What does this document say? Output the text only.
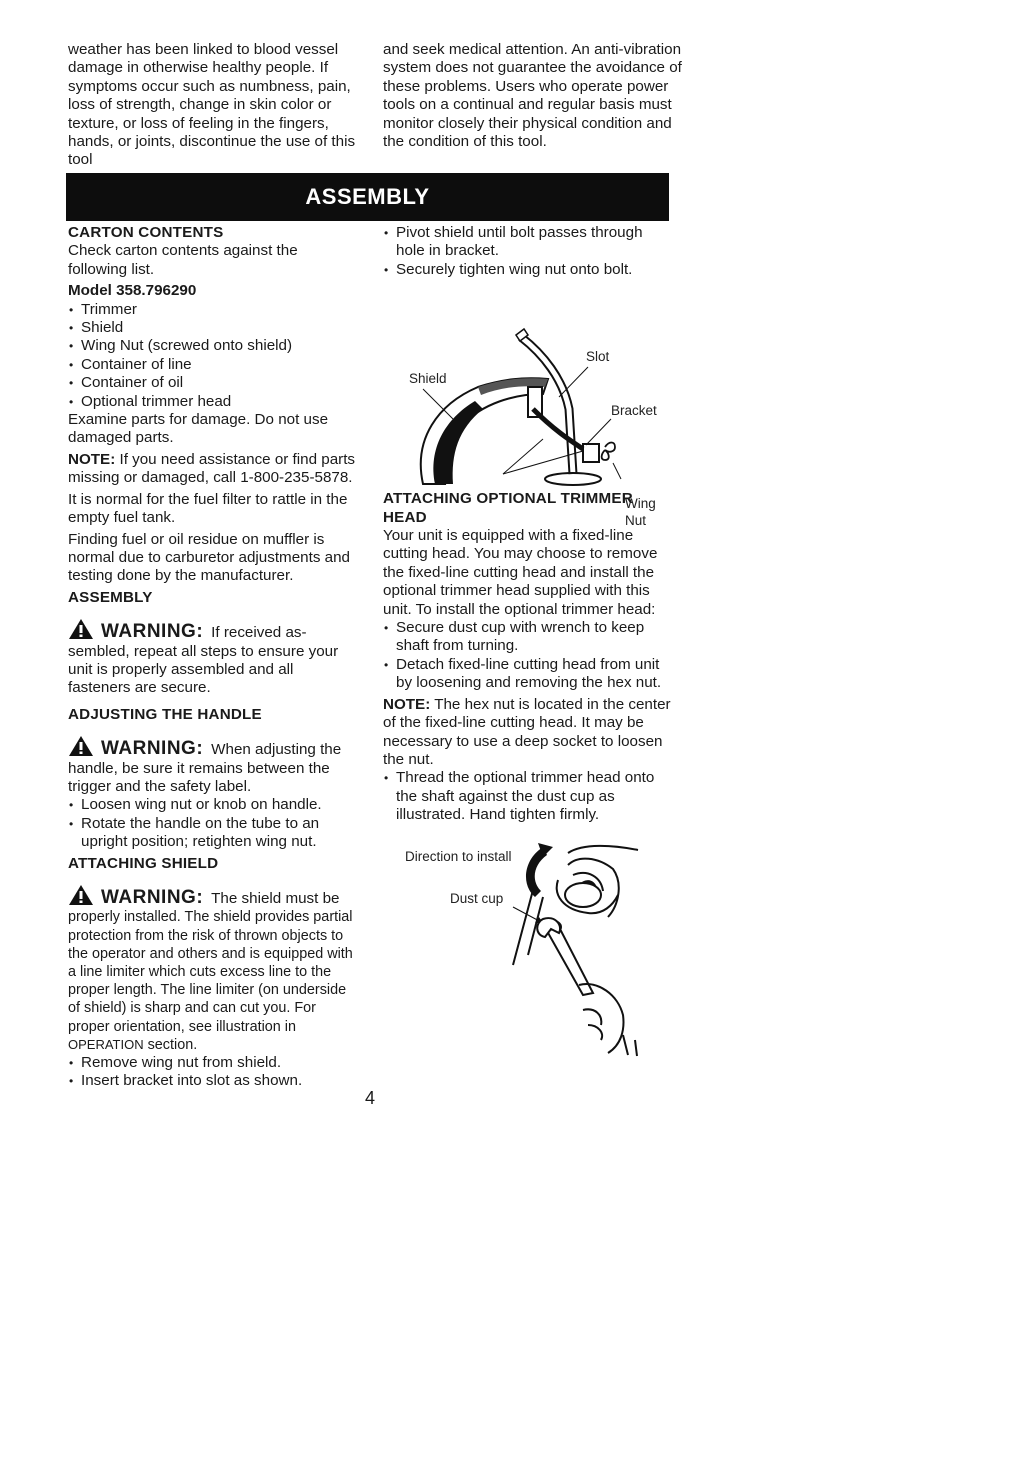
weather has been linked to blood vessel damage in otherwise healthy people. If symptoms occur such as numbness, pain, loss of strength, change in skin color or texture, or loss of feeling in the fingers, hands, or joints, discontinue the use of this tool

and seek medical attention. An anti-vibration system does not guarantee the avoidance of these problems. Users who operate power tools on a continual and regular basis must monitor closely their physical condition and the condition of this tool.

ASSEMBLY

CARTON CONTENTS

Check carton contents against the following list.

Model 358.796290

• Trimmer
• Shield
• Wing Nut (screwed onto shield)
• Container of line
• Container of oil
• Optional trimmer head

Examine parts for damage. Do not use damaged parts.

NOTE: If you need assistance or find parts missing or damaged, call 1-800-235-5878.

It is normal for the fuel filter to rattle in the empty fuel tank.

Finding fuel or oil residue on muffler is normal due to carburetor adjustments and testing done by the manufacturer.

ASSEMBLY

WARNING: If received as-

sembled, repeat all steps to ensure your unit is properly assembled and all fasteners are secure.

ADJUSTING THE HANDLE

WARNING: When adjusting the

handle, be sure it remains between the trigger and the safety label.

• Loosen wing nut or knob on handle.
• Rotate the handle on the tube to an upright position; retighten wing nut.

ATTACHING SHIELD

WARNING: The shield must be

properly installed. The shield provides partial protection from the risk of thrown objects to the operator and others and is equipped with a line limiter which cuts excess line to the proper length. The line limiter (on underside of shield) is sharp and can cut you. For proper orientation, see illustration in OPERATION section.

• Remove wing nut from shield.
• Insert bracket into slot as shown.
• Pivot shield until bolt passes through hole in bracket.
• Securely tighten wing nut onto bolt.
Slot
Shield
Bracket
Wing
Nut

ATTACHING OPTIONAL TRIMMER HEAD

Your unit is equipped with a fixed-line cutting head. You may choose to remove the fixed-line cutting head and install the optional trimmer head supplied with this unit. To install the optional trimmer head:

• Secure dust cup with wrench to keep shaft from turning.
• Detach fixed-line cutting head from unit by loosening and removing the hex nut.

NOTE: The hex nut is located in the center of the fixed-line cutting head. It may be necessary to use a deep socket to loosen the nut.

• Thread the optional trimmer head onto the shaft against the dust cup as illustrated. Hand tighten firmly.
Direction to install
Dust cup
4
